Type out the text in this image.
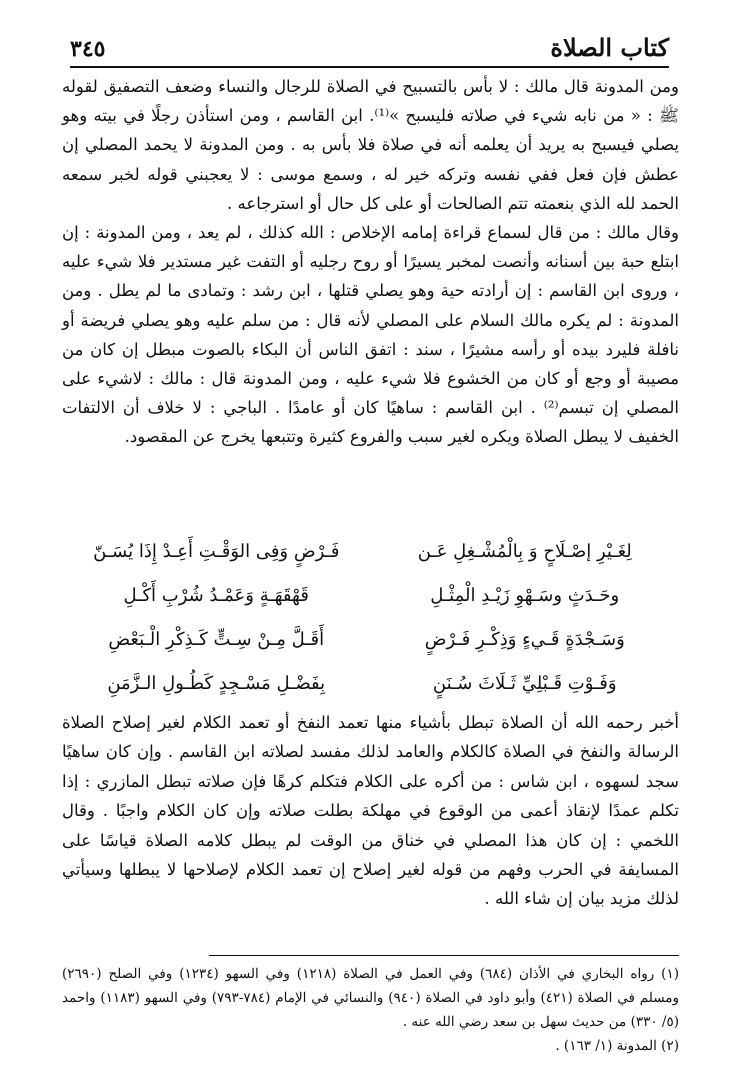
كتاب الصلاة
٣٤٥

ومن المدونة قال مالك : لا بأس بالتسبيح في الصلاة للرجال والنساء وضعف التصفيق لقوله ﷺ : « من نابه شيء في صلاته فليسبح »⁽¹⁾. ابن القاسم ، ومن استأذن رجلًا في بيته وهو يصلي فيسبح به يريد أن يعلمه أنه في صلاة فلا بأس به . ومن المدونة لا يحمد المصلي إن عطش فإن فعل ففي نفسه وتركه خير له ، وسمع موسى : لا يعجبني قوله لخبر سمعه الحمد لله الذي بنعمته تتم الصالحات أو على كل حال أو استرجاعه .

وقال مالك : من قال لسماع قراءة إمامه الإخلاص : الله كذلك ، لم يعد ، ومن المدونة : إن ابتلع حبة بين أسنانه وأنصت لمخبر يسيرًا أو روح رجليه أو التفت غير مستدير فلا شيء عليه ، وروى ابن القاسم : إن أرادته حية وهو يصلي قتلها ، ابن رشد : وتمادى ما لم يطل . ومن المدونة : لم يكره مالك السلام على المصلي لأنه قال : من سلم عليه وهو يصلي فريضة أو نافلة فليرد بيده أو رأسه مشيرًا ، سند : اتفق الناس أن البكاء بالصوت مبطل إن كان من مصيبة أو وجع أو كان من الخشوع فلا شيء عليه ، ومن المدونة قال : مالك : لاشيء على المصلي إن تبسم⁽²⁾ . ابن القاسم : ساهيًا كان أو عامدًا . الباجي : لا خلاف أن الالتفات الخفيف لا يبطل الصلاة ويكره لغير سبب والفروع كثيرة وتتبعها يخرج عن المقصود.

لِغَـيْرِ إصْـلَاحٍ وَ بِالْمُشْـغِلِ عَـن
فَـرْضٍ وَفِى الوَقْـتِ أَعِـدْ إِذَا يُسَـنّ
وحَـدَثٍ وسَـهْوِ زَيْـدِ الْمِثْـلِ
قَهْقَهَـةٍ وَعَمْـدُ شُرْبِ أَكْـلِ
وَسَـجْدَةٍ قَـيءٍ وَذِكْـرِ فَـرْضٍ
أَقَـلَّ مِـنْ سِـتٍّ كَـذِكْرِ الْـبَعْضِ
وَفَـوْتِ قَـبْلِيِّ ثَـلَاثَ سُـنَنٍ
بِفَضْـلِ مَسْـجِدٍ كَطُـولِ الـزَّمَنِ

أخبر رحمه الله أن الصلاة تبطل بأشياء منها تعمد النفخ أو تعمد الكلام لغير إصلاح الصلاة الرسالة والنفخ في الصلاة كالكلام والعامد لذلك مفسد لصلاته ابن القاسم . وإن كان ساهيًا سجد لسهوه ، ابن شاس : من أكره على الكلام فتكلم كرهًا فإن صلاته تبطل المازري : إذا تكلم عمدًا لإنقاذ أعمى من الوقوع في مهلكة بطلت صلاته وإن كان الكلام واجبًا . وقال اللخمي : إن كان هذا المصلي في خناق من الوقت لم يبطل كلامه الصلاة قياسًا على المسايفة في الحرب وفهم من قوله لغير إصلاح إن تعمد الكلام لإصلاحها لا يبطلها وسيأتي لذلك مزيد بيان إن شاء الله .

(١) رواه البخاري في الأذان (٦٨٤) وفي العمل في الصلاة (١٢١٨) وفي السهو (١٢٣٤) وفي الصلح (٢٦٩٠) ومسلم في الصلاة (٤٢١) وأبو داود في الصلاة (٩٤٠) والنسائي في الإمام (٧٨٤-٧٩٣) وفي السهو (١١٨٣) واحمد (٥/ ٣٣٠) من حديث سهل بن سعد رضي الله عنه .

(٢) المدونة (١/ ١٦٣) .
